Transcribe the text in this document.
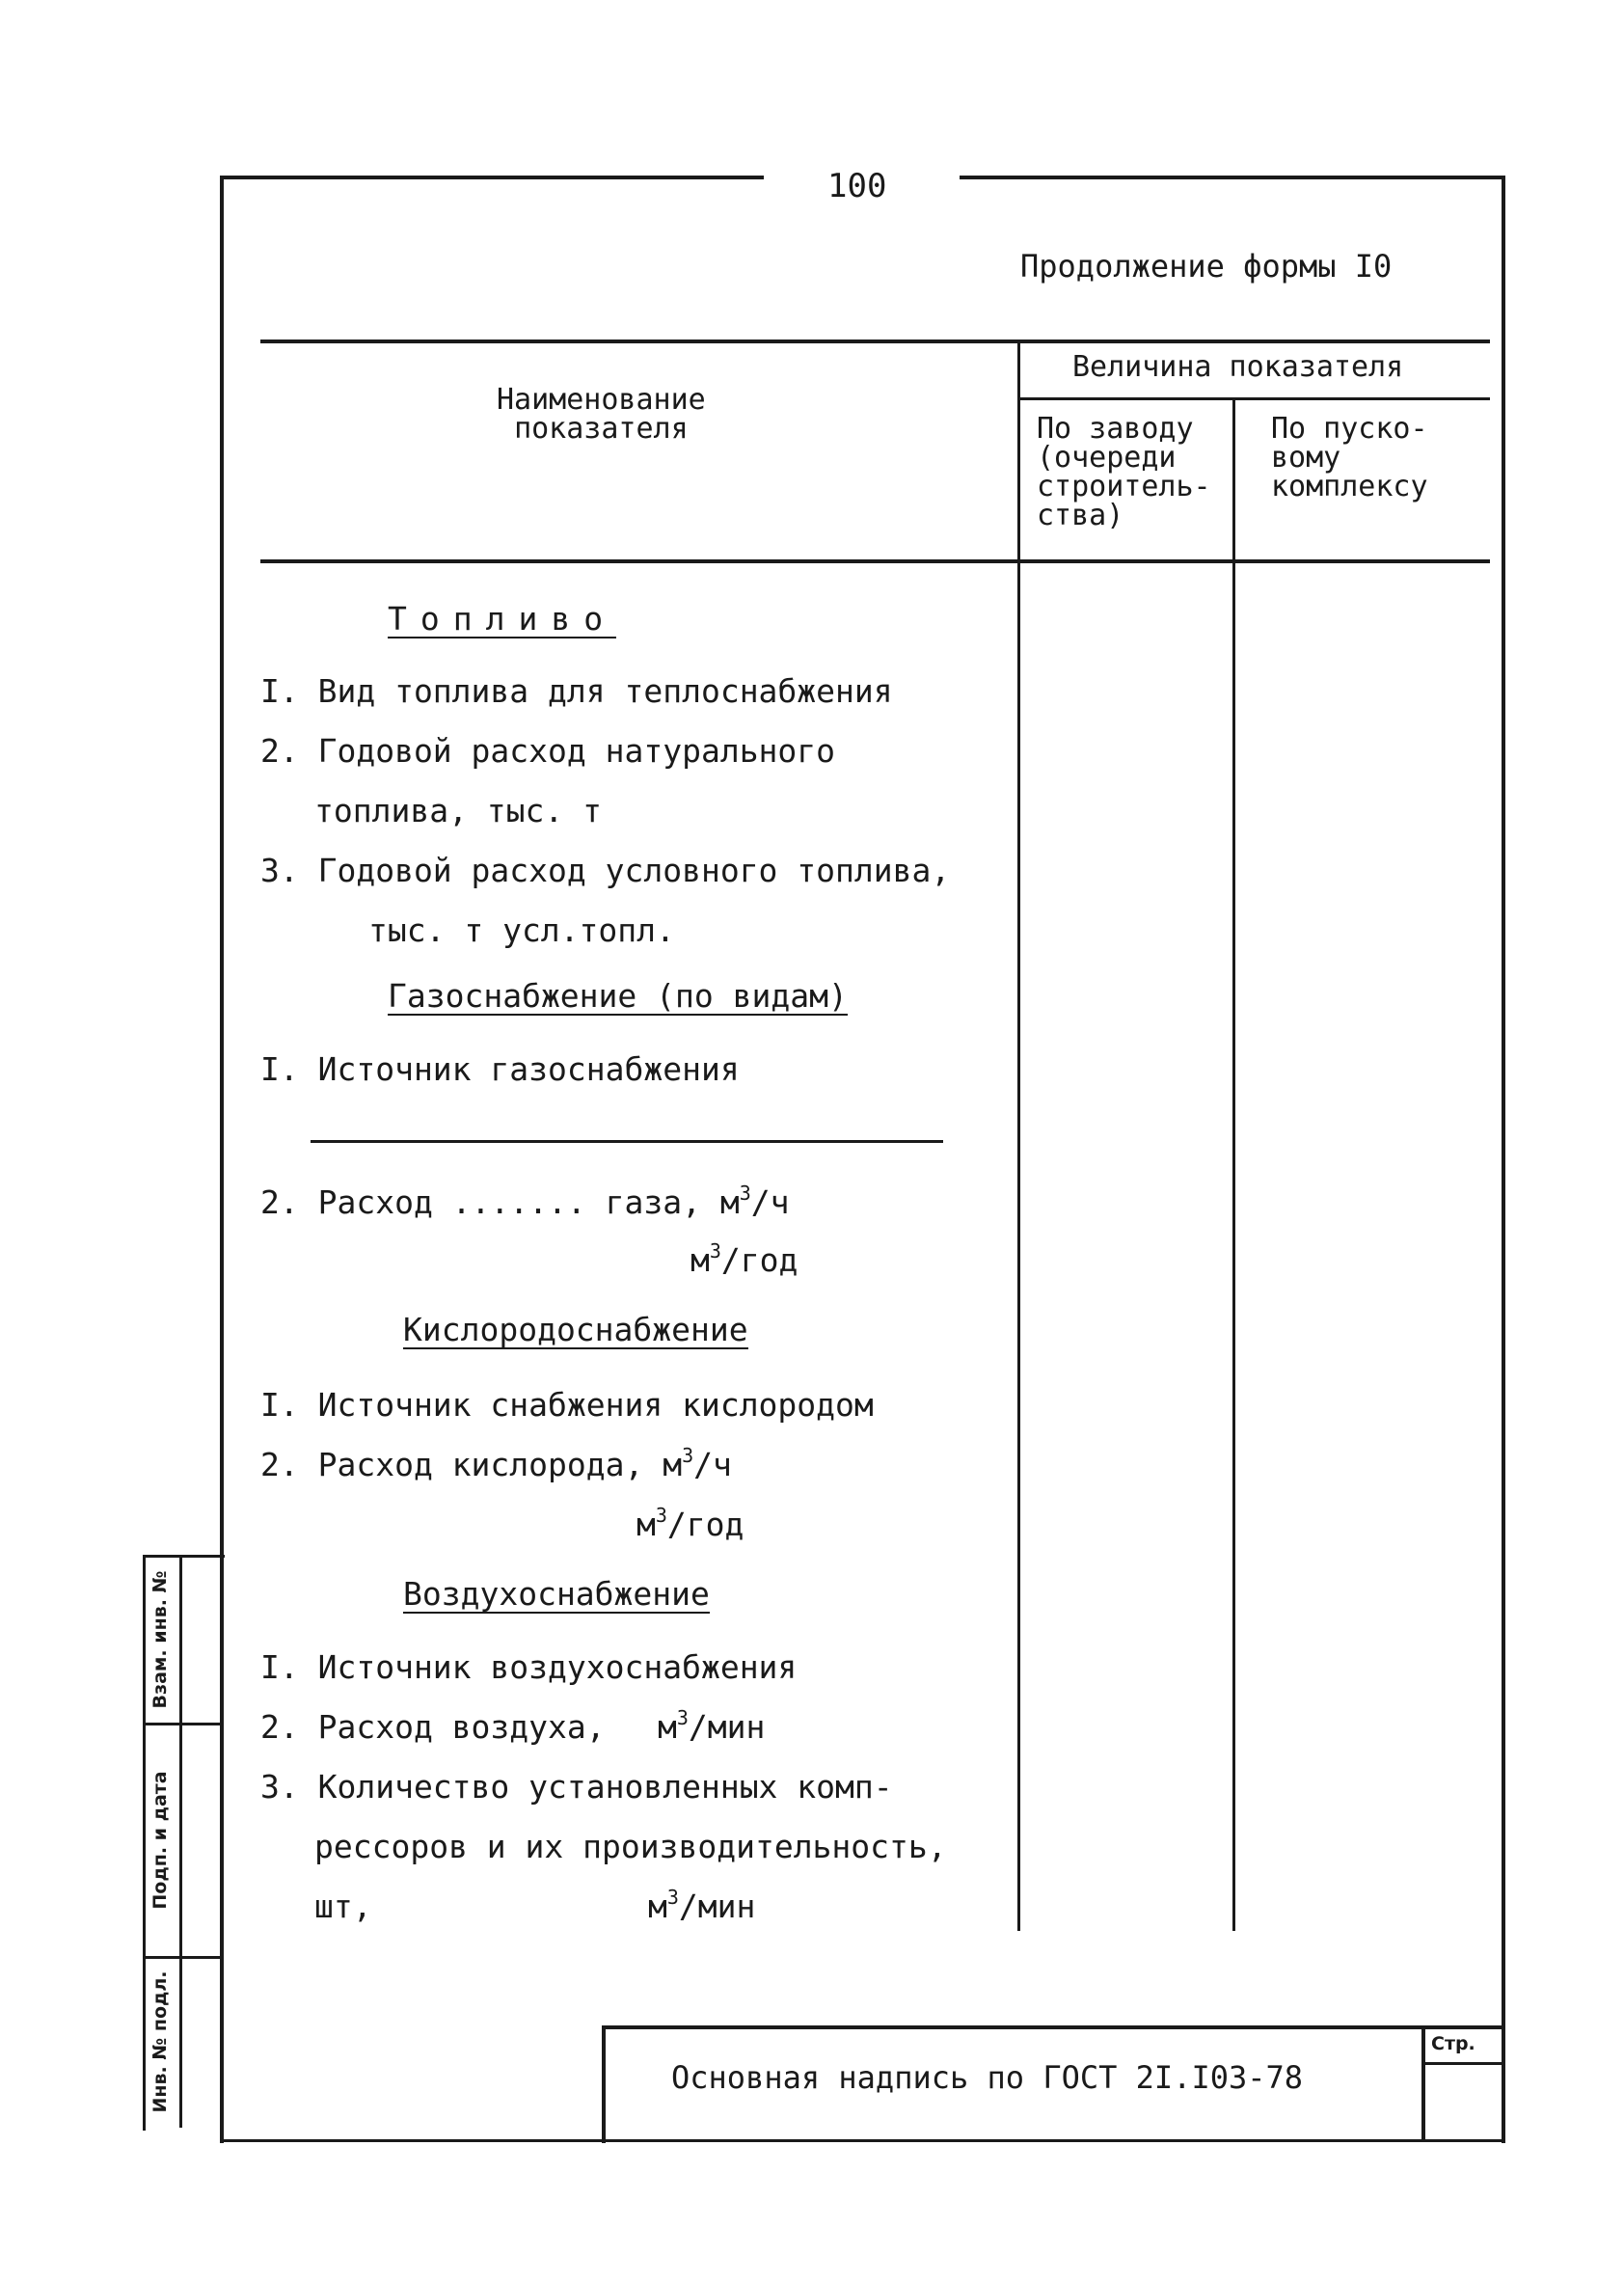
100
Продолжение формы I0
Наименование
показателя
Величина показателя
По заводу
(очереди
строитель-
ства)
По пуско-
вому
комплексу
Топливо
I. Вид топлива для теплоснабжения
2. Годовой расход натурального
топлива, тыс. т
3. Годовой расход условного топлива,
тыс. т усл.топл.
Газоснабжение (по видам)
I. Источник газоснабжения
2. Расход ....... газа, $м^3/ч$
$м^3$/год
Кислородоснабжение
I. Источник снабжения кислородом
2. Расход кислорода, $м^3/ч$
$м^3$/год
Воздухоснабжение
I. Источник воздухоснабжения
2. Расход воздуха, $м^3$/мин
3. Количество установленных комп-
рессоров и их производительность,
шт,	$м^3$/мин
Основная надпись по ГОСТ 2I.I03-78
Стр.
Взам. инв. №
Подп. и дата
Инв. № подл.
